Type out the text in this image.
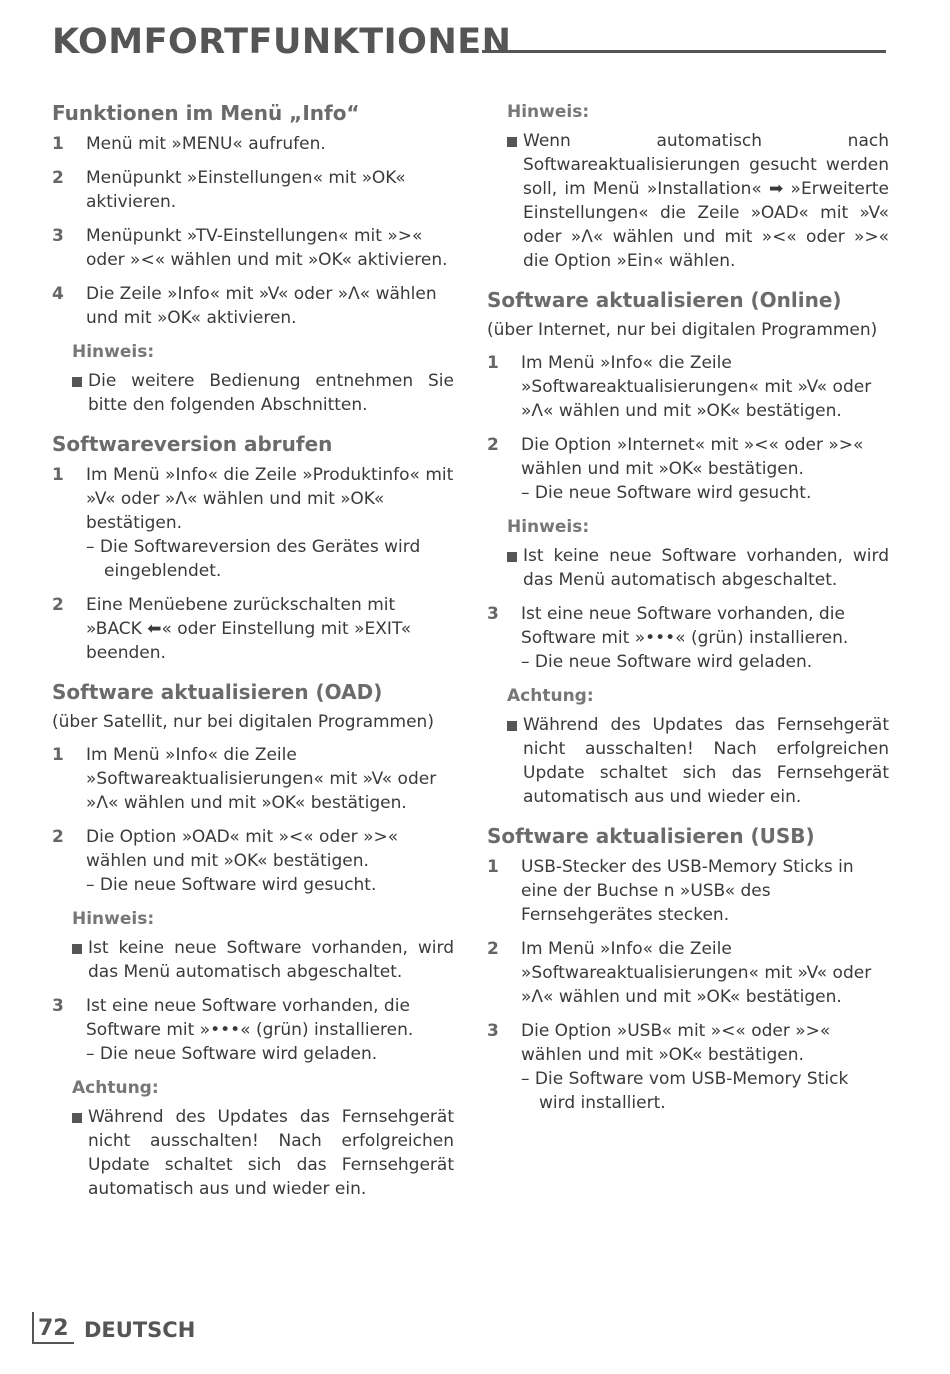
KOMFORTFUNKTIONEN
Funktionen im Menü „Info“
1 Menü mit »MENU« aufrufen.
2 Menüpunkt »Einstellungen« mit »OK« aktivieren.
3 Menüpunkt »TV-Einstellungen« mit »>« oder »<« wählen und mit »OK« aktivieren.
4 Die Zeile »Info« mit »V« oder »Λ« wählen und mit »OK« aktivieren.
Hinweis:
Die weitere Bedienung entnehmen Sie bitte den folgenden Abschnitten.
Softwareversion abrufen
1 Im Menü »Info« die Zeile »Produktinfo« mit »V« oder »Λ« wählen und mit »OK« bestätigen.
– Die Softwareversion des Gerätes wird eingeblendet.
2 Eine Menüebene zurückschalten mit »BACK ⬅« oder Einstellung mit »EXIT« beenden.
Software aktualisieren (OAD)
(über Satellit, nur bei digitalen Programmen)
1 Im Menü »Info« die Zeile »Softwareaktualisierungen« mit »V« oder »Λ« wählen und mit »OK« bestätigen.
2 Die Option »OAD« mit »<« oder »>« wählen und mit »OK« bestätigen.
– Die neue Software wird gesucht.
Hinweis:
Ist keine neue Software vorhanden, wird das Menü automatisch abgeschaltet.
3 Ist eine neue Software vorhanden, die Software mit »•••« (grün) installieren.
– Die neue Software wird geladen.
Achtung:
Während des Updates das Fernsehgerät nicht ausschalten! Nach erfolgreichen Update schaltet sich das Fernsehgerät automatisch aus und wieder ein.
Hinweis:
Wenn automatisch nach Softwareaktualisierungen gesucht werden soll, im Menü »Installation« ➡ »Erweiterte Einstellungen« die Zeile »OAD« mit »V« oder »Λ« wählen und mit »<« oder »>« die Option »Ein« wählen.
Software aktualisieren (Online)
(über Internet, nur bei digitalen Programmen)
1 Im Menü »Info« die Zeile »Softwareaktualisierungen« mit »V« oder »Λ« wählen und mit »OK« bestätigen.
2 Die Option »Internet« mit »<« oder »>« wählen und mit »OK« bestätigen.
– Die neue Software wird gesucht.
Hinweis:
Ist keine neue Software vorhanden, wird das Menü automatisch abgeschaltet.
3 Ist eine neue Software vorhanden, die Software mit »•••« (grün) installieren.
– Die neue Software wird geladen.
Achtung:
Während des Updates das Fernsehgerät nicht ausschalten! Nach erfolgreichen Update schaltet sich das Fernsehgerät automatisch aus und wieder ein.
Software aktualisieren (USB)
1 USB-Stecker des USB-Memory Sticks in eine der Buchse n »USB« des Fernsehgerätes stecken.
2 Im Menü »Info« die Zeile »Softwareaktualisierungen« mit »V« oder »Λ« wählen und mit »OK« bestätigen.
3 Die Option »USB« mit »<« oder »>« wählen und mit »OK« bestätigen.
– Die Software vom USB-Memory Stick wird installiert.
72 DEUTSCH
